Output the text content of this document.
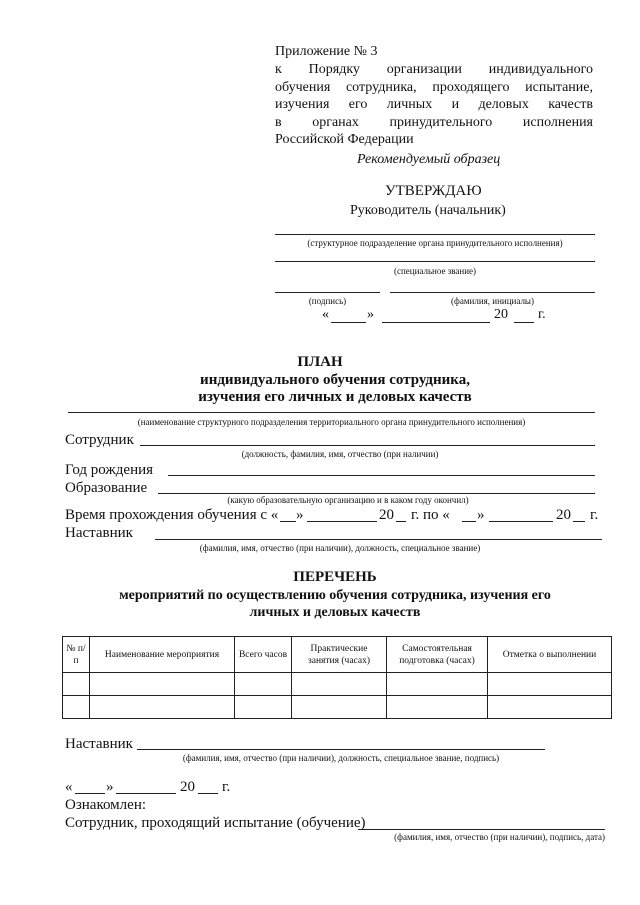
Приложение № 3
к Порядку организации индивидуального
обучения сотрудника, проходящего испытание,
изучения его личных и деловых качеств
в органах принудительного исполнения
Российской Федерации
Рекомендуемый образец
УТВЕРЖДАЮ
Руководитель (начальник)
(структурное подразделение органа принудительного исполнения)
(специальное звание)
(подпись)	(фамилия, инициалы)
«	»	20 г.
ПЛАН
индивидуального обучения сотрудника,
изучения его личных и деловых качеств
(наименование структурного подразделения территориального органа принудительного исполнения)
Сотрудник
(должность, фамилия, имя, отчество (при наличии)
Год рождения
Образование
(какую образовательную организацию и в каком году окончил)
Время прохождения обучения с « »	20 г. по « »	20 г.
Наставник
(фамилия, имя, отчество (при наличии), должность, специальное звание)
ПЕРЕЧЕНЬ
мероприятий по осуществлению обучения сотрудника, изучения его
личных и деловых качеств
№ п/п	Наименование мероприятия	Всего часов	Практические занятия (часах)	Самостоятельная подготовка (часах)	Отметка о выполнении

Наставник
(фамилия, имя, отчество (при наличии), должность, специальное звание, подпись)
« »	20 г.
Ознакомлен:
Сотрудник, проходящий испытание (обучение)
(фамилия, имя, отчество (при наличии), подпись, дата)
